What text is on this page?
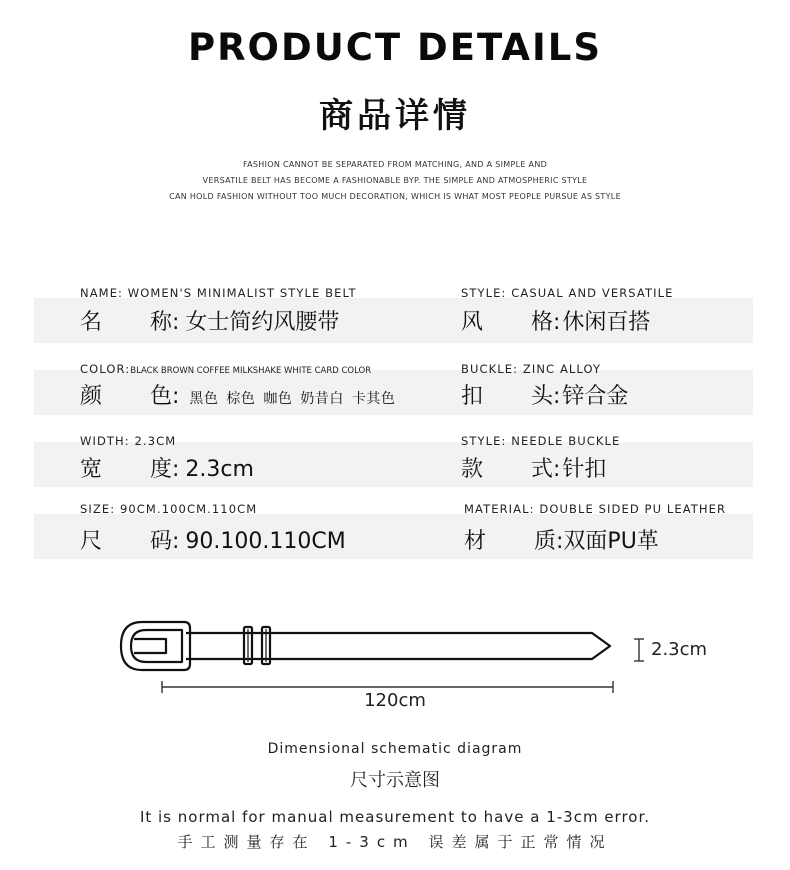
PRODUCT DETAILS
商品详情
FASHION CANNOT BE SEPARATED FROM MATCHING, AND A SIMPLE AND
VERSATILE BELT HAS BECOME A FASHIONABLE BYP. THE SIMPLE AND ATMOSPHERIC STYLE
CAN HOLD FASHION WITHOUT TOO MUCH DECORATION, WHICH IS WHAT MOST PEOPLE PURSUE AS STYLE
NAME: WOMEN'S MINIMALIST STYLE BELT
名 称: 女士简约风腰带
STYLE: CASUAL AND VERSATILE
风 格:休闲百搭
COLOR:BLACK BROWN COFFEE MILKSHAKE WHITE CARD COLOR
颜 色: 黑色 棕色 咖色 奶昔白 卡其色
BUCKLE: ZINC ALLOY
扣 头:锌合金
WIDTH: 2.3CM
宽 度: 2.3cm
STYLE: NEEDLE BUCKLE
款 式:针扣
SIZE: 90CM.100CM.110CM
尺 码: 90.100.110CM
MATERIAL: DOUBLE SIDED PU LEATHER
材 质:双面PU革
2.3cm
120cm
Dimensional schematic diagram
尺寸示意图
It is normal for manual measurement to have a 1-3cm error.
手工测量存在 1-3cm 误差属于正常情况
